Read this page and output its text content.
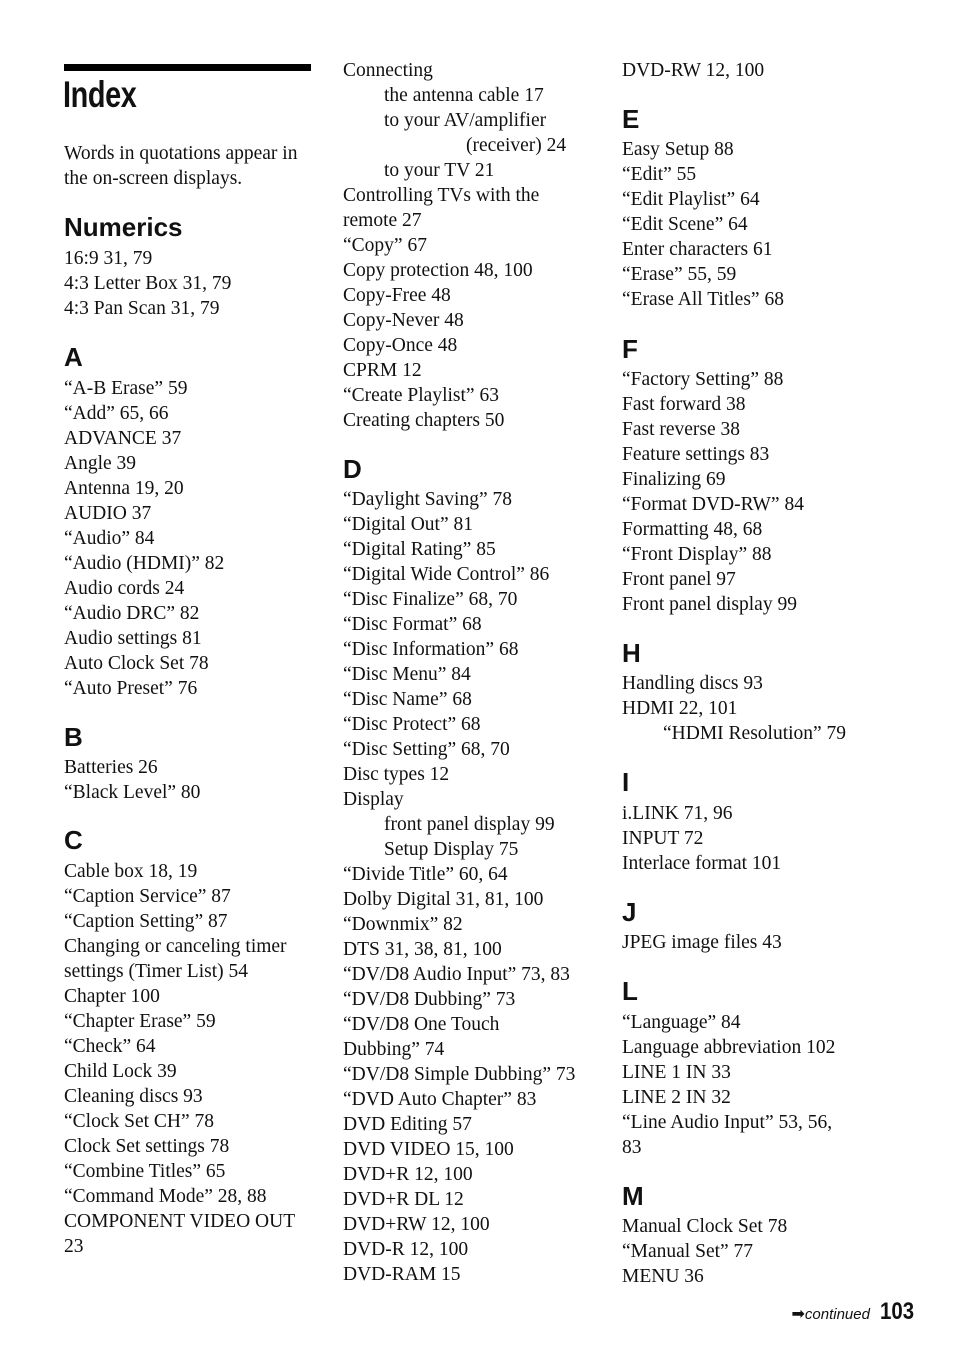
Index
Words in quotations appear in the on-screen displays.
Numerics
16:9 31, 79
4:3 Letter Box 31, 79
4:3 Pan Scan 31, 79
A
“A-B Erase” 59
“Add” 65, 66
ADVANCE 37
Angle 39
Antenna 19, 20
AUDIO 37
“Audio” 84
“Audio (HDMI)” 82
Audio cords 24
“Audio DRC” 82
Audio settings 81
Auto Clock Set 78
“Auto Preset” 76
B
Batteries 26
“Black Level” 80
C
Cable box 18, 19
“Caption Service” 87
“Caption Setting” 87
Changing or canceling timer
settings (Timer List) 54
Chapter 100
“Chapter Erase” 59
“Check” 64
Child Lock 39
Cleaning discs 93
“Clock Set CH” 78
Clock Set settings 78
“Combine Titles” 65
“Command Mode” 28, 88
COMPONENT VIDEO OUT
23
Connecting
the antenna cable 17
to your AV/amplifier
(receiver) 24
to your TV 21
Controlling TVs with the
remote 27
“Copy” 67
Copy protection 48, 100
Copy-Free 48
Copy-Never 48
Copy-Once 48
CPRM 12
“Create Playlist” 63
Creating chapters 50
D
“Daylight Saving” 78
“Digital Out” 81
“Digital Rating” 85
“Digital Wide Control” 86
“Disc Finalize” 68, 70
“Disc Format” 68
“Disc Information” 68
“Disc Menu” 84
“Disc Name” 68
“Disc Protect” 68
“Disc Setting” 68, 70
Disc types 12
Display
front panel display 99
Setup Display 75
“Divide Title” 60, 64
Dolby Digital 31, 81, 100
“Downmix” 82
DTS 31, 38, 81, 100
“DV/D8 Audio Input” 73, 83
“DV/D8 Dubbing” 73
“DV/D8 One Touch
Dubbing” 74
“DV/D8 Simple Dubbing” 73
“DVD Auto Chapter” 83
DVD Editing 57
DVD VIDEO 15, 100
DVD+R 12, 100
DVD+R DL 12
DVD+RW 12, 100
DVD-R 12, 100
DVD-RAM 15
DVD-RW 12, 100
E
Easy Setup 88
“Edit” 55
“Edit Playlist” 64
“Edit Scene” 64
Enter characters 61
“Erase” 55, 59
“Erase All Titles” 68
F
“Factory Setting” 88
Fast forward 38
Fast reverse 38
Feature settings 83
Finalizing 69
“Format DVD-RW” 84
Formatting 48, 68
“Front Display” 88
Front panel 97
Front panel display 99
H
Handling discs 93
HDMI 22, 101
“HDMI Resolution” 79
I
i.LINK 71, 96
INPUT 72
Interlace format 101
J
JPEG image files 43
L
“Language” 84
Language abbreviation 102
LINE 1 IN 33
LINE 2 IN 32
“Line Audio Input” 53, 56,
83
M
Manual Clock Set 78
“Manual Set” 77
MENU 36
➡ continued 103
